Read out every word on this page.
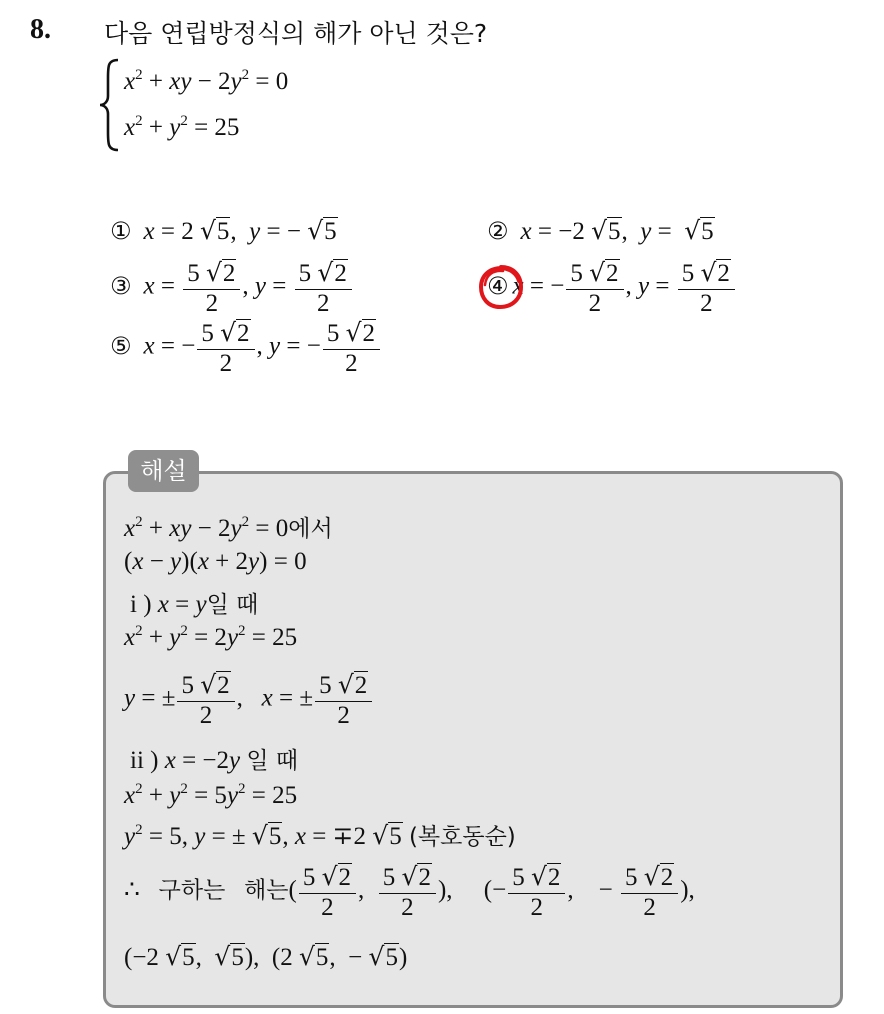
8. 다음 연립방정식의 해가 아닌 것은?
$x^2$ + xy − $2y^2 = 0$
$x^2 + y^2 = 25$
① x = 2 √5,  y = − √5	② x = −2 √5,  y =  √5
③ $x = \frac{5 √2}{2}$ , $y = \frac{5 √2}{2}$	④ x = − $\frac{5 √2}{2}$ , $y = \frac{5 √2}{2}$
⑤ x = − $\frac{5 √2}{2}$ , y = − $\frac{5 √2}{2}$
해설
$x^2$ + xy − $2y^2 = 0$에서
(x − y)(x + 2y) = 0
i ) x = y일 때
$x^2 + y^2 = 2y^2 = 25$
y = ± $\frac{5 √2}{2}$ ,   x = ± $\frac{5 √2}{2}$
ii ) x = −2y 일 때
$x^2 + y^2 = 5y^2 = 25$
$y^2 = 5$, y = ± √5, x = ∓2 √5 (복호동순)
∴ 구하는 해는( $\frac{5 √2}{2}$ , $\frac{5 √2}{2}$ ),     (− $\frac{5 √2}{2}$ ,    − $\frac{5 √2}{2}$ ),
(−2 √5,  √5),  (2 √5,  − √5)
